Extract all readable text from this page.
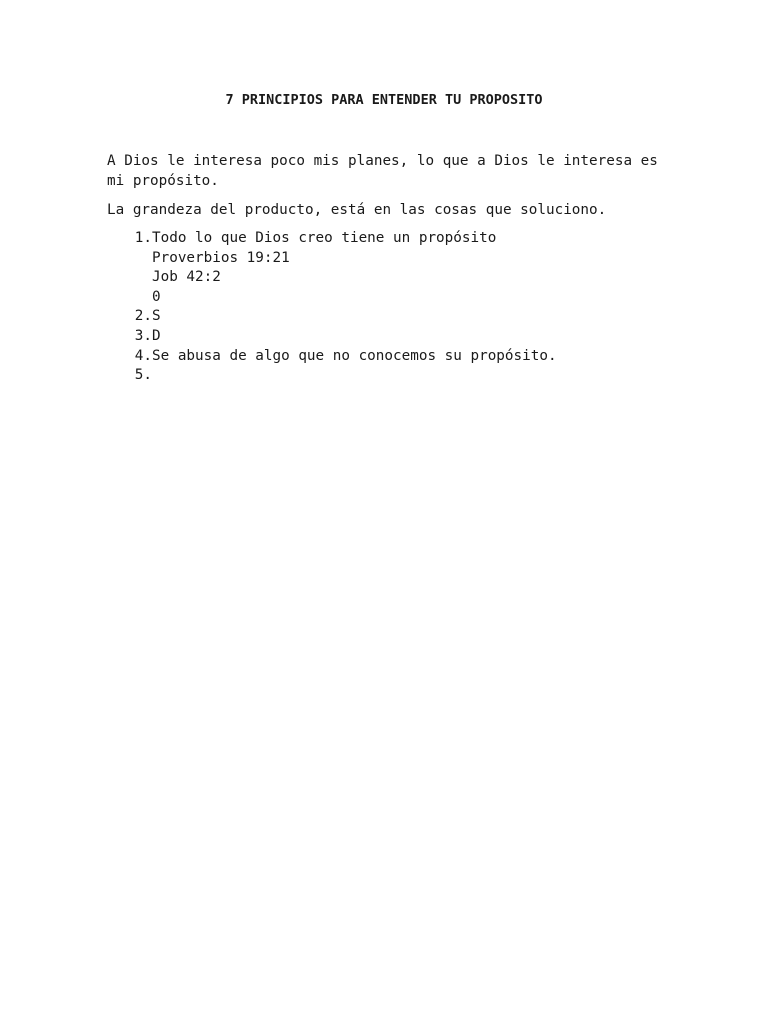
7 PRINCIPIOS PARA ENTENDER TU PROPOSITO

A Dios le interesa poco mis planes, lo que a Dios le interesa es mi propósito.

La grandeza del producto, está en las cosas que soluciono.

1. Todo lo que Dios creo tiene un propósito
Proverbios 19:21
Job 42:2
0
2. S
3. D
4. Se abusa de algo que no conocemos su propósito.
5.
